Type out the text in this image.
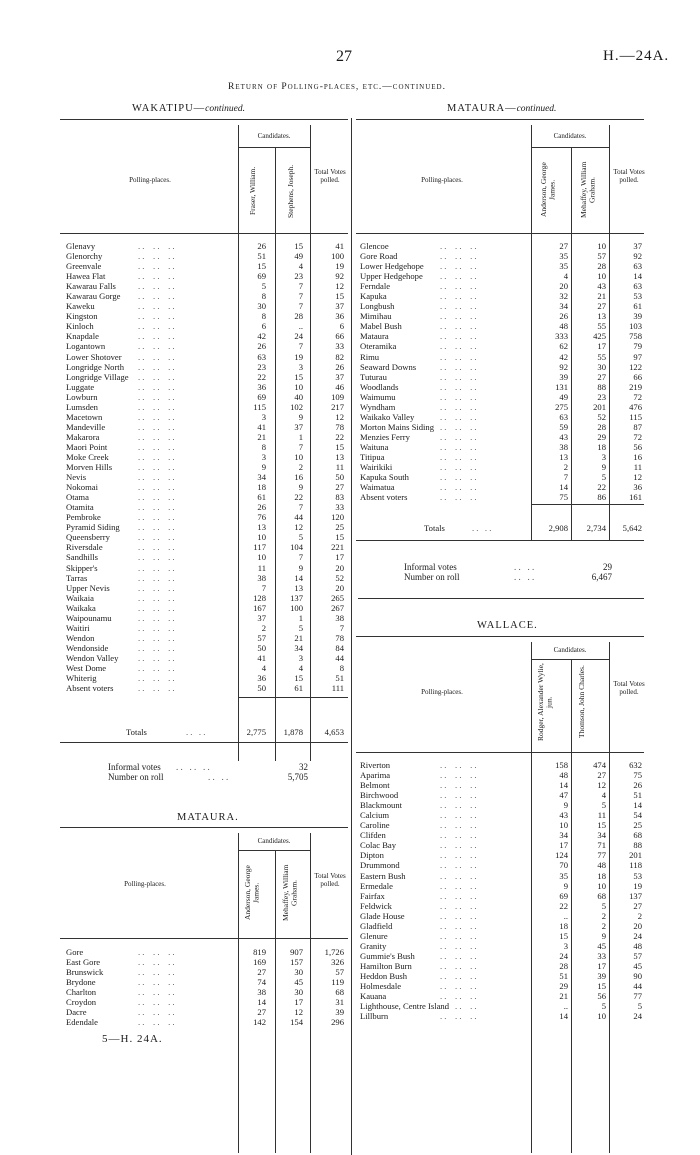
27	H.—24A.
Return of Polling-places, etc.—continued.
WAKATIPU—continued.
Candidates.
Polling-places.	Fraser, William.	Stephens, Joseph.	Total Votes polled.
Glenavy	. .    . .    . .	26	15	41
Glenorchy	. .    . .    . .	51	49	100
Greenvale	. .    . .    . .	15	4	19
Hawea Flat	. .    . .    . .	69	23	92
Kawarau Falls	. .    . .    . .	5	7	12
Kawarau Gorge . .    . .    . .	8	7	15
Kaweku	. .    . .    . .	30	7	37
Kingston	. .    . .    . .	8	28	36
Kinloch	. .    . .    . .	6	..	6
Knapdale	. .    . .    . .	42	24	66
Logantown	. .    . .    . .	26	7	33
Lower Shotover . .    . .    . .	63	19	82
Longridge North . .    . .    . .	23	3	26
Longridge Village . .    . .    . .	22	15	37
Luggate	. .    . .    . .	36	10	46
Lowburn	. .    . .    . .	69	40	109
Lumsden	. .    . .    . .	115	102	217
Macetown	. .    . .    . .	3	9	12
Mandeville	. .    . .    . .	41	37	78
Makarora	. .    . .    . .	21	1	22
Maori Point	. .    . .    . .	8	7	15
Moke Creek	. .    . .    . .	3	10	13
Morven Hills	. .    . .    . .	9	2	11
Nevis	. .    . .    . .	34	16	50
Nokomai	. .    . .    . .	18	9	27
Otama	. .    . .    . .	61	22	83
Otamita	. .    . .    . .	26	7	33
Pembroke	. .    . .    . .	76	44	120
Pyramid Siding . .    . .    . .	13	12	25
Queensberry	. .    . .    . .	10	5	15
Riversdale	. .    . .    . .	117	104	221
Sandhills	. .    . .    . .	10	7	17
Skipper's	. .    . .    . .	11	9	20
Tarras	. .    . .    . .	38	14	52
Upper Nevis	. .    . .    . .	7	13	20
Waikaia	. .    . .    . .	128	137	265
Waikaka	. .    . .    . .	167	100	267
Waipounamu	. .    . .    . .	37	1	38
Waitiri	. .    . .    . .	2	5	7
Wendon	. .    . .    . .	57	21	78
Wendonside	. .    . .    . .	50	34	84
Wendon Valley . .    . .    . .	41	3	44
West Dome	. .    . .    . .	4	4	8
Whiterig	. .    . .    . .	36	15	51
Absent voters	. .    . .    . .	50	61	111
Totals	. .   . .	2,775 1,878	4,653
Informal votes . .   . .   . .	32
Number on roll	. .   . .	5,705
MATAURA.
Candidates.
Polling-places.	Anderson, George James.	Mehaffey, William Graham.
Total Votes polled.
Gore	. .    . .    . .	819	907	1,726
East Gore	. .    . .    . .	169	157	326
Brunswick	. .    . .    . .	27	30	57
Brydone	. .    . .    . .	74	45	119
Charlton	. .    . .    . .	38	30	68
Croydon	. .    . .    . .	14	17	31
Dacre	. .    . .    . .	27	12	39
Edendale	. .    . .    . .	142	154	296
5—H. 24A.
MATAURA—continued.
Candidates.
Polling-places.	Anderson, George James.	Mehaffey, William Graham.
Total Votes polled.
Glencoe	. .    . .    . .	27	10	37
Gore Road	. .    . .    . .	35	57	92
Lower Hedgehope . .    . .    . .	35	28	63
Upper Hedgehope . .    . .    . .	4	10	14
Ferndale	. .    . .    . .	20	43	63
Kapuka	. .    . .    . .	32	21	53
Longbush	. .    . .    . .	34	27	61
Mimihau	. .    . .    . .	26	13	39
Mabel Bush	. .    . .    . .	48	55	103
Mataura	. .    . .    . .	333	425	758
Oteramika	. .    . .    . .	62	17	79
Rimu	. .    . .    . .	42	55	97
Seaward Downs	. .    . .    . .	92	30	122
Tuturau	. .    . .    . .	39	27	66
Woodlands	. .    . .    . .	131	88	219
Waimumu	. .    . .    . .	49	23	72
Wyndham	. .    . .    . .	275	201	476
Waikako Valley	. .    . .    . .	63	52	115
Morton Mains Siding . .    . .    . .	59	28	87
Menzies Ferry	. .    . .    . .	43	29	72
Waituna	. .    . .    . .	38	18	56
Titipua	. .    . .    . .	13	3	16
Wairikiki	. .    . .    . .	2	9	11
Kapuka South	. .    . .    . .	7	5	12
Waimatua	. .    . .    . .	14	22	36
Absent voters	. .    . .    . .	75	86	161
Totals	. .   . .	2,908 2,734 5,642
Informal votes	. .   . .	29
Number on roll	. .   . .	6,467
WALLACE.
Candidates.
Polling-places.	Rodger, Alexander Wylie, jun.	Thomson, John Charles.	Total Votes polled.
Riverton	. .    . .    . .	158	474	632
Aparima	. .    . .    . .	48	27	75
Belmont	. .    . .    . .	14	12	26
Birchwood	. .    . .    . .	47	4	51
Blackmount	. .    . .    . .	9	5	14
Calcium	. .    . .    . .	43	11	54
Caroline	. .    . .    . .	10	15	25
Clifden	. .    . .    . .	34	34	68
Colac Bay	. .    . .    . .	17	71	88
Dipton	. .    . .    . .	124	77	201
Drummond	. .    . .    . .	70	48	118
Eastern Bush	. .    . .    . .	35	18	53
Ermedale	. .    . .    . .	9	10	19
Fairfax	. .    . .    . .	69	68	137
Feldwick	. .    . .    . .	22	5	27
Glade House	. .    . .    . .	..	2	2
Gladfield	. .    . .    . .	18	2	20
Glenure	. .    . .    . .	15	9	24
Granity	. .    . .    . .	3	45	48
Gummie's Bush	. .    . .    . .	24	33	57
Hamilton Burn	. .    . .    . .	28	17	45
Heddon Bush	. .    . .    . .	51	39	90
Holmesdale	. .    . .    . .	29	15	44
Kauana	. .    . .    . .	21	56	77
Lighthouse, Centre Island
. .    . .    . .	..	5	5
Lillburn	. .    . .    . .	14	10	24
